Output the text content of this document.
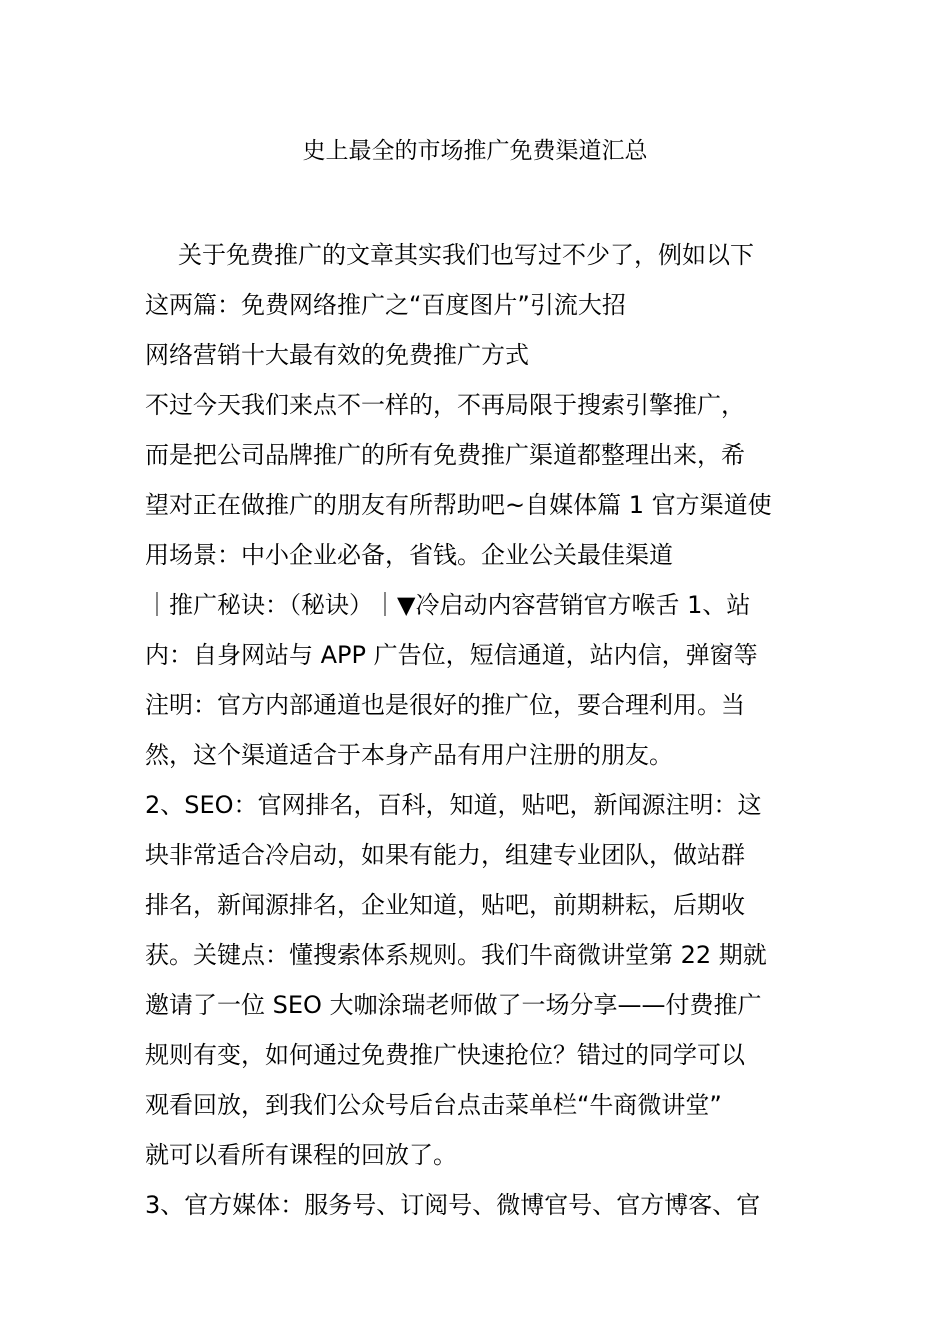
史上最全的市场推广免费渠道汇总
关于免费推广的文章其实我们也写过不少了，例如以下
这两篇：免费网络推广之“百度图片”引流大招
网络营销十大最有效的免费推广方式
不过今天我们来点不一样的，不再局限于搜索引擎推广，
而是把公司品牌推广的所有免费推广渠道都整理出来，希
望对正在做推广的朋友有所帮助吧~自媒体篇 1 官方渠道使
用场景：中小企业必备，省钱。企业公关最佳渠道
｜推广秘诀：（秘诀）｜▼冷启动内容营销官方喉舌 1、站
内：自身网站与 APP 广告位，短信通道，站内信，弹窗等
注明：官方内部通道也是很好的推广位，要合理利用。当
然，这个渠道适合于本身产品有用户注册的朋友。
2、SEO：官网排名，百科，知道，贴吧，新闻源注明：这
块非常适合冷启动，如果有能力，组建专业团队，做站群
排名，新闻源排名，企业知道，贴吧，前期耕耘，后期收
获。关键点：懂搜索体系规则。我们牛商微讲堂第 22 期就
邀请了一位 SEO 大咖涂瑞老师做了一场分享——付费推广
规则有变，如何通过免费推广快速抢位？错过的同学可以
观看回放，到我们公众号后台点击菜单栏“牛商微讲堂”
就可以看所有课程的回放了。
3、官方媒体：服务号、订阅号、微博官号、官方博客、官
